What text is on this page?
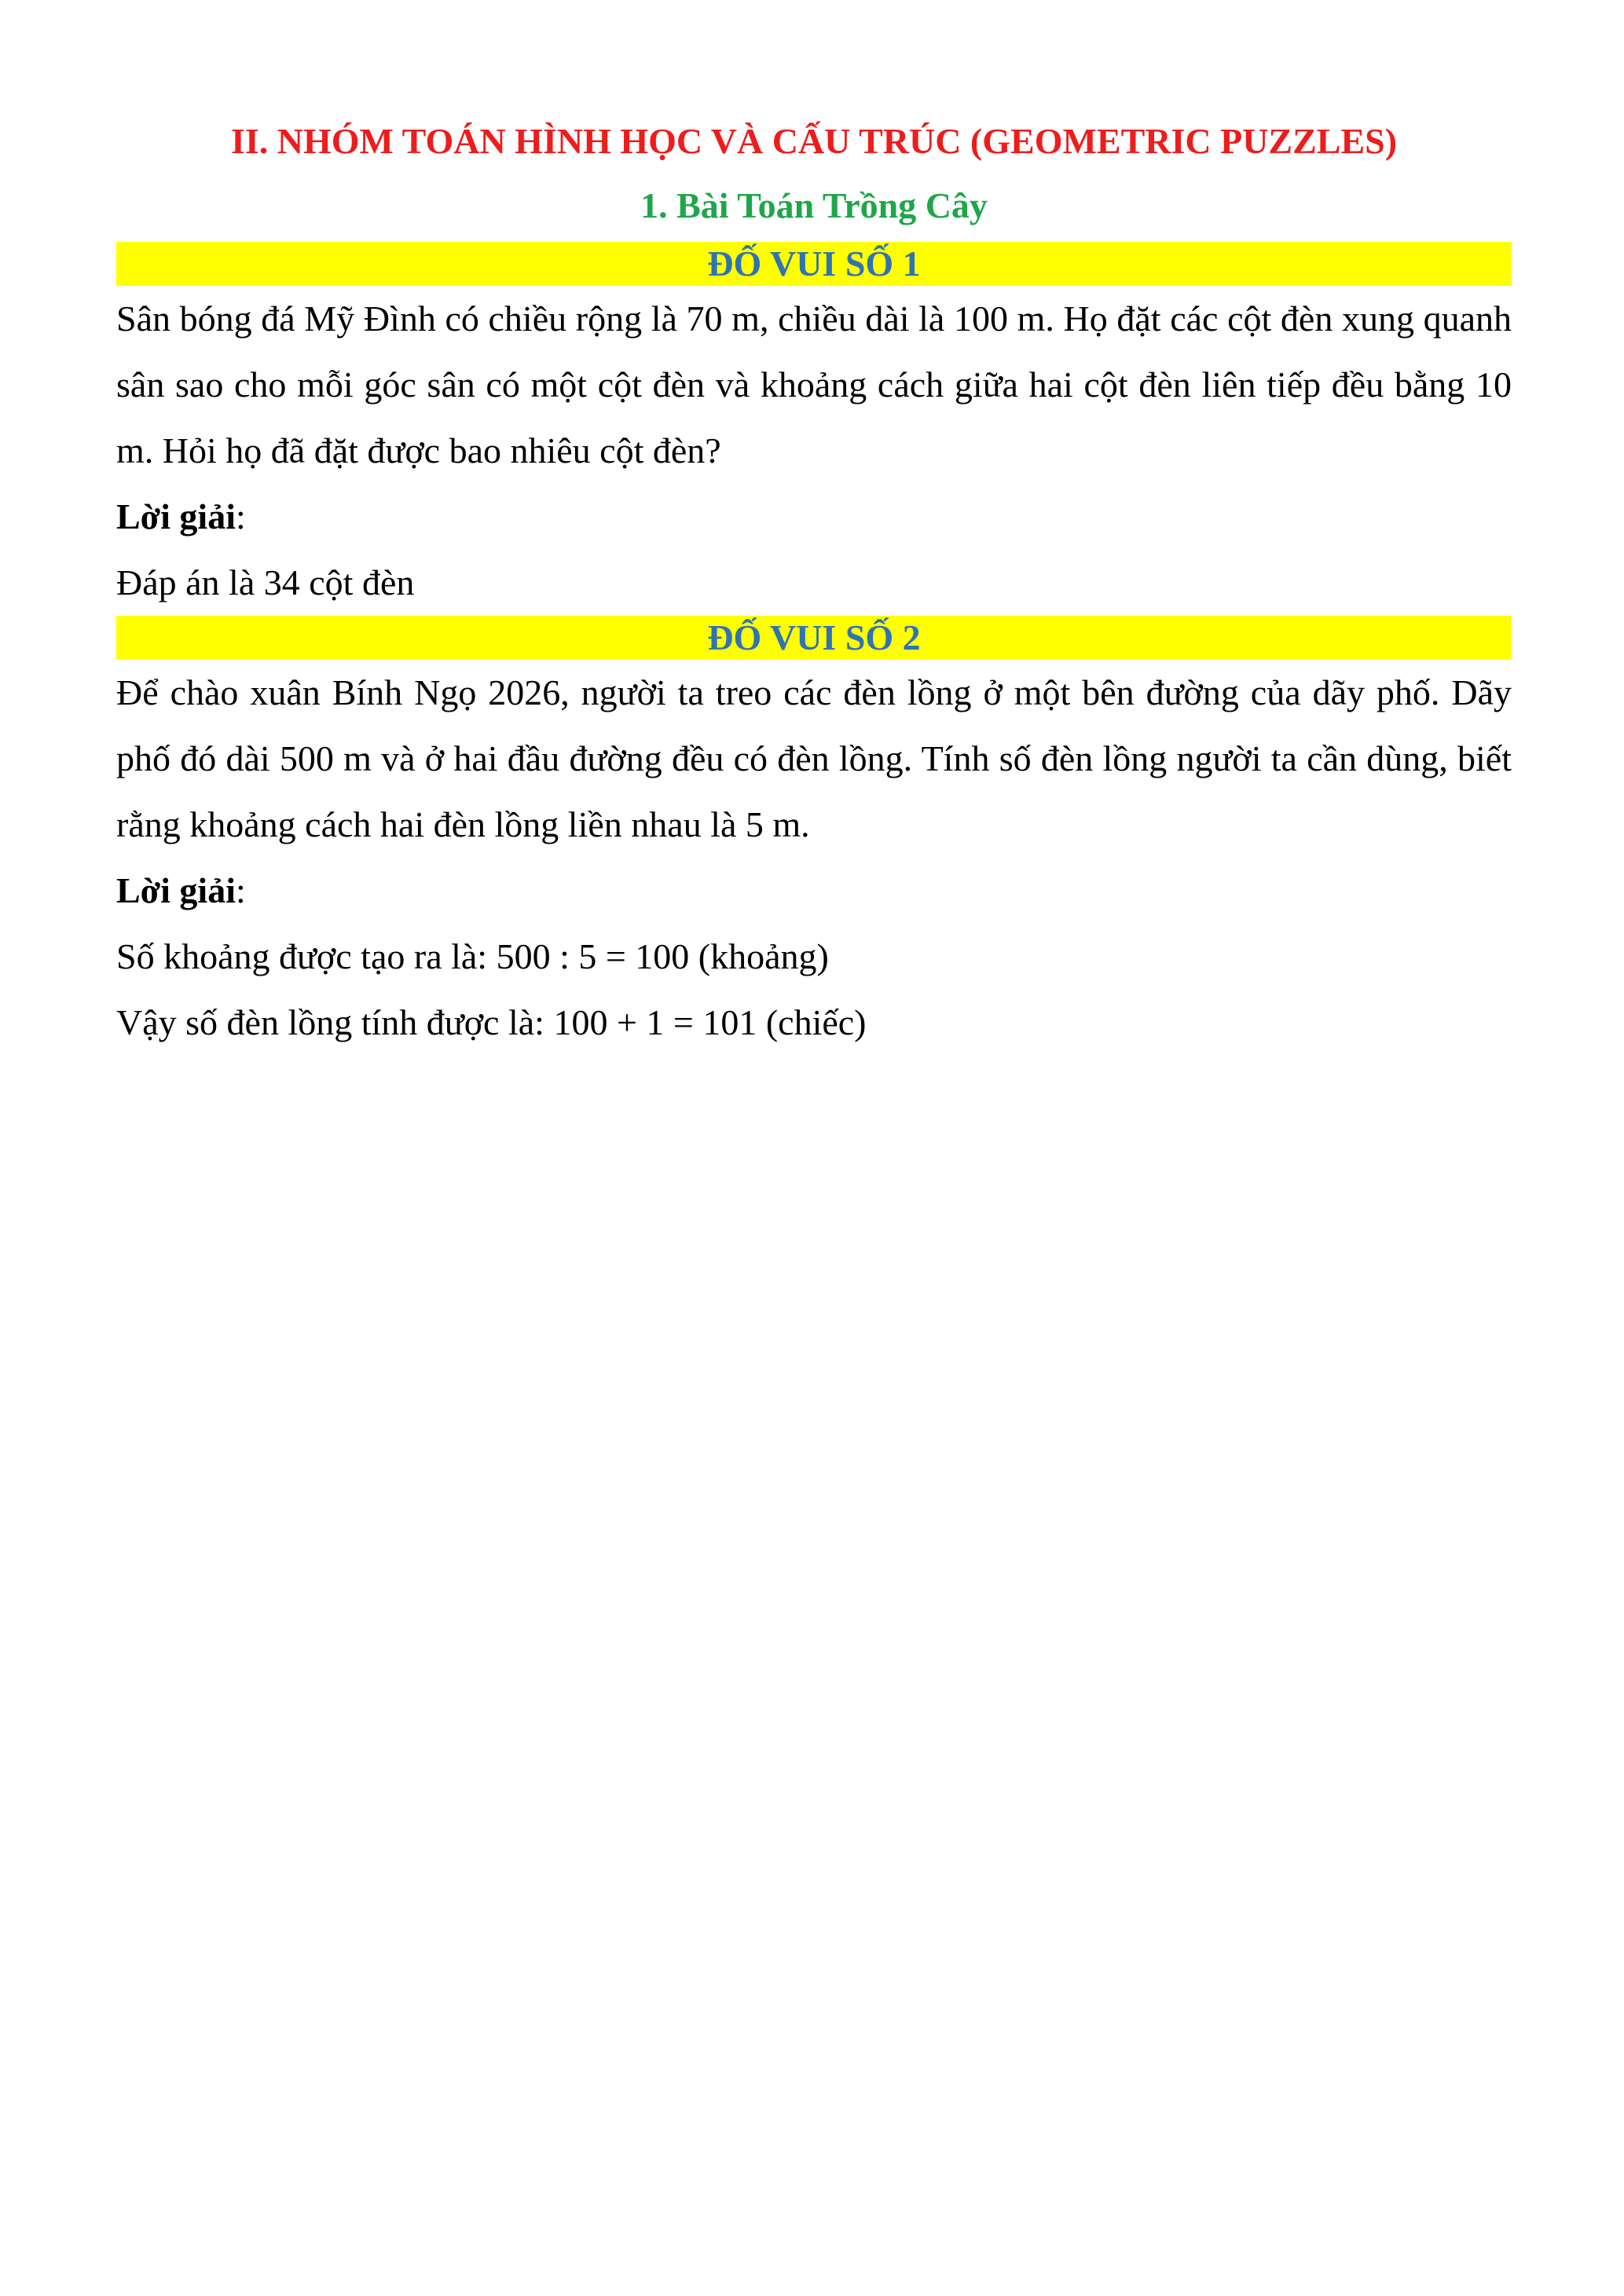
II. NHÓM TOÁN HÌNH HỌC VÀ CẤU TRÚC (GEOMETRIC PUZZLES)
1. Bài Toán Trồng Cây
ĐỐ VUI SỐ 1

Sân bóng đá Mỹ Đình có chiều rộng là 70 m, chiều dài là 100 m. Họ đặt các cột đèn xung quanh sân sao cho mỗi góc sân có một cột đèn và khoảng cách giữa hai cột đèn liên tiếp đều bằng 10 m. Hỏi họ đã đặt được bao nhiêu cột đèn?

Lời giải:

Đáp án là 34 cột đèn

ĐỐ VUI SỐ 2

Để chào xuân Bính Ngọ 2026, người ta treo các đèn lồng ở một bên đường của dãy phố. Dãy phố đó dài 500 m và ở hai đầu đường đều có đèn lồng. Tính số đèn lồng người ta cần dùng, biết rằng khoảng cách hai đèn lồng liền nhau là 5 m.

Lời giải:

Số khoảng được tạo ra là: 500 : 5 = 100 (khoảng)

Vậy số đèn lồng tính được là: 100 + 1 = 101 (chiếc)
